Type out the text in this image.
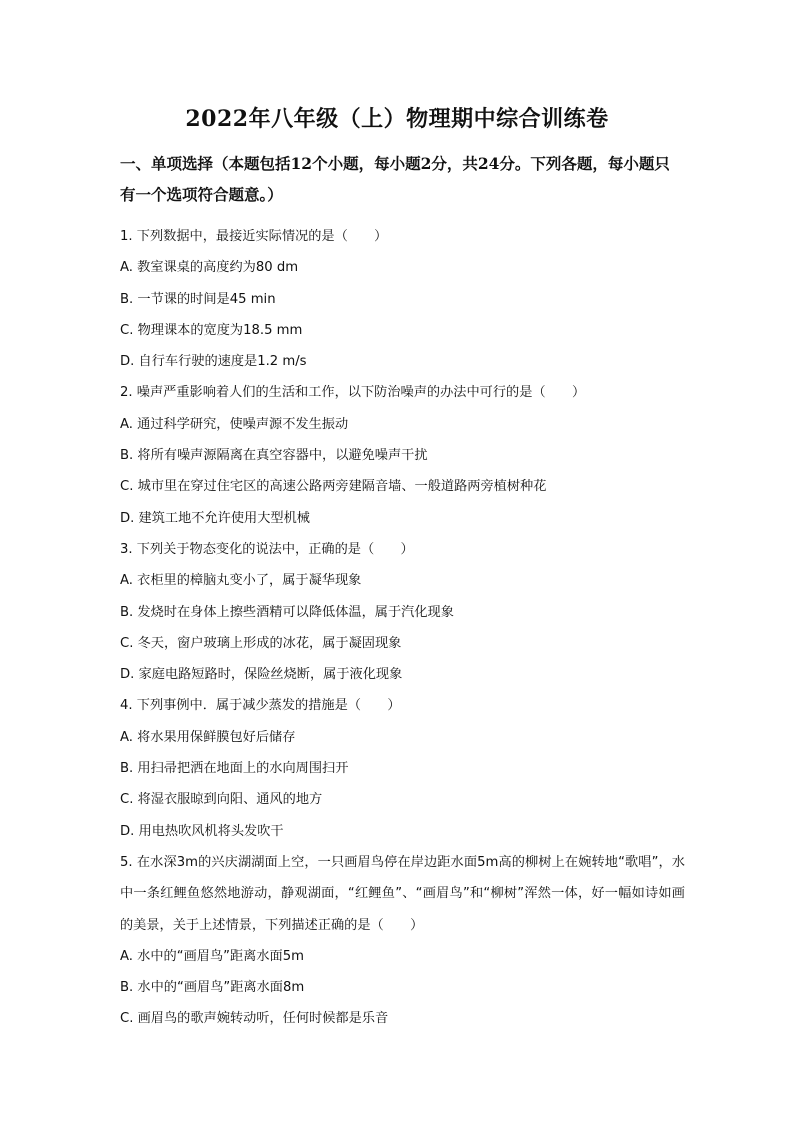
2022年八年级（上）物理期中综合训练卷
一、单项选择（本题包括12个小题，每小题2分，共24分。下列各题，每小题只有一个选项符合题意。）
1. 下列数据中，最接近实际情况的是（　　）
A. 教室课桌的高度约为80 dm
B. 一节课的时间是45 min
C. 物理课本的宽度为18.5 mm
D. 自行车行驶的速度是1.2 m/s
2. 噪声严重影响着人们的生活和工作，以下防治噪声的办法中可行的是（　　）
A. 通过科学研究，使噪声源不发生振动
B. 将所有噪声源隔离在真空容器中，以避免噪声干扰
C. 城市里在穿过住宅区的高速公路两旁建隔音墙、一般道路两旁植树种花
D. 建筑工地不允许使用大型机械
3. 下列关于物态变化的说法中，正确的是（　　）
A. 衣柜里的樟脑丸变小了，属于凝华现象
B. 发烧时在身体上擦些酒精可以降低体温，属于汽化现象
C. 冬天，窗户玻璃上形成的冰花，属于凝固现象
D. 家庭电路短路时，保险丝烧断，属于液化现象
4. 下列事例中．属于减少蒸发的措施是（　　）
A. 将水果用保鲜膜包好后储存
B. 用扫帚把洒在地面上的水向周围扫开
C. 将湿衣服晾到向阳、通风的地方
D. 用电热吹风机将头发吹干
5. 在水深3m的兴庆湖湖面上空，一只画眉鸟停在岸边距水面5m高的柳树上在婉转地“歌唱”，水中一条红鲤鱼悠然地游动，静观湖面，“红鲤鱼”、“画眉鸟”和“柳树”浑然一体，好一幅如诗如画的美景，关于上述情景，下列描述正确的是（　　）
A. 水中的“画眉鸟”距离水面5m
B. 水中的“画眉鸟”距离水面8m
C. 画眉鸟的歌声婉转动听，任何时候都是乐音
